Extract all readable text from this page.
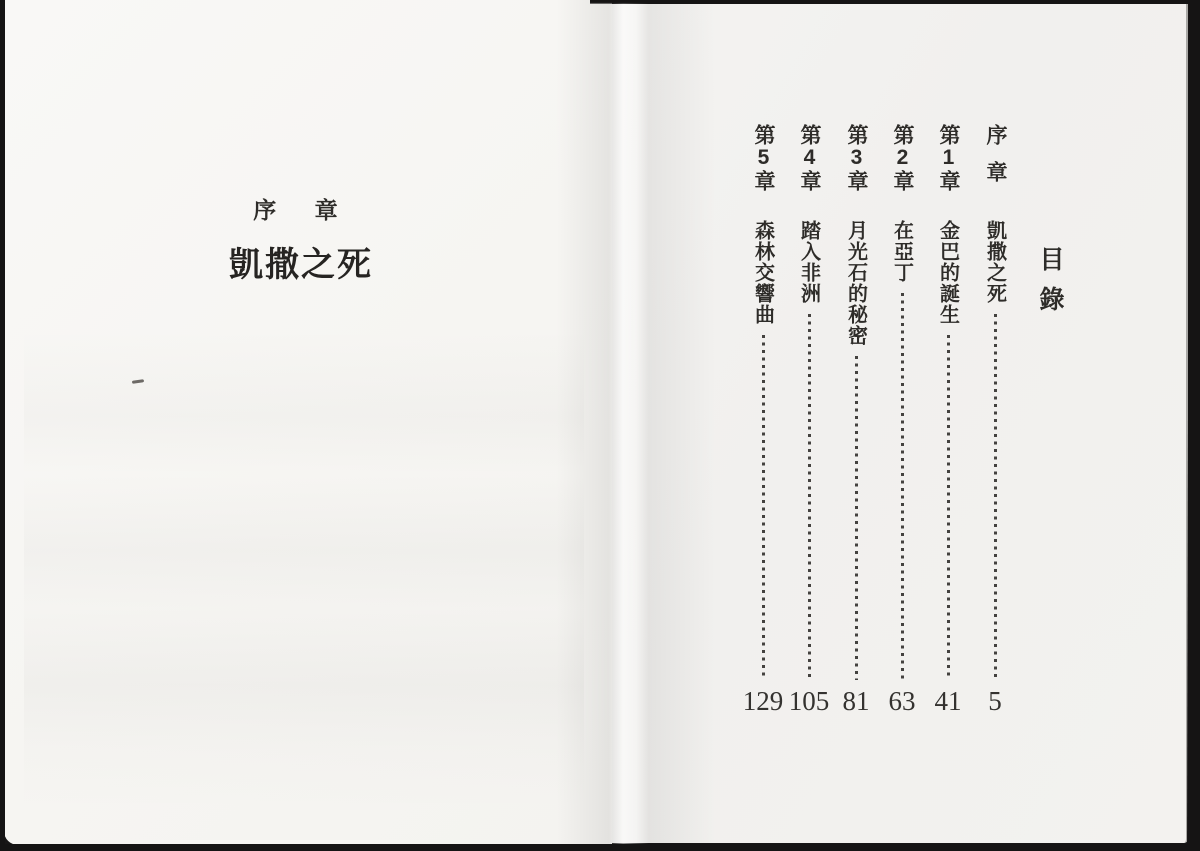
序 章
凱撒之死	目錄
序章
凱撒之死
5
第1章
金巴的誕生
41
第2章
在亞丁
63
第3章
月光石的秘密
81
第4章
踏入非洲
105
第5章
森林交響曲
129
